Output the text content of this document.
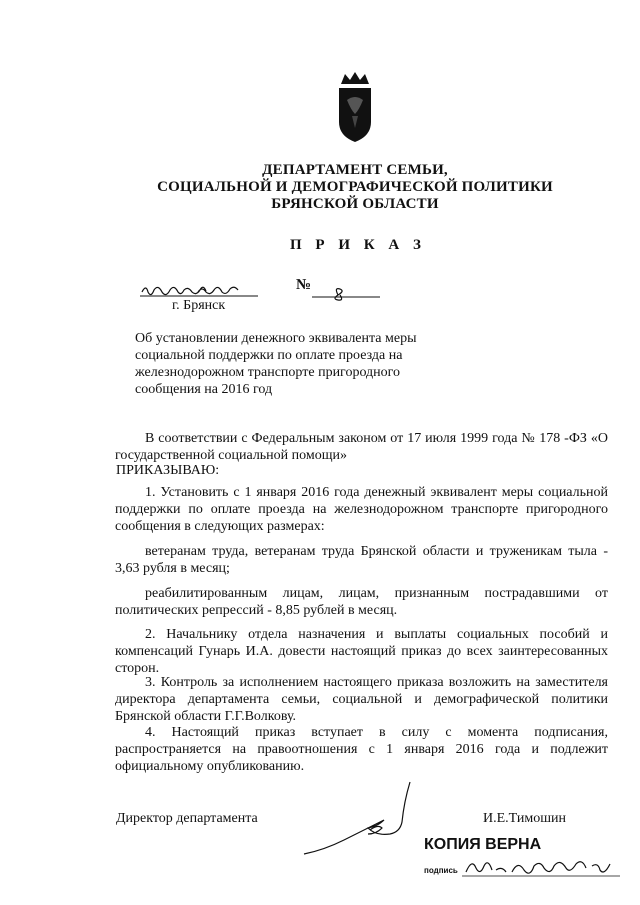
ДЕПАРТАМЕНТ СЕМЬИ,
СОЦИАЛЬНОЙ И ДЕМОГРАФИЧЕСКОЙ ПОЛИТИКИ
БРЯНСКОЙ ОБЛАСТИ
П Р И К А З
№
г. Брянск
Об установлении денежного эквивалента меры социальной поддержки по оплате проезда на железнодорожном транспорте пригородного сообщения на 2016 год
В соответствии с Федеральным законом от 17 июля 1999 года № 178 -ФЗ «О государственной социальной помощи»
ПРИКАЗЫВАЮ:
1. Установить с 1 января 2016 года денежный эквивалент меры социальной поддержки по оплате проезда на железнодорожном транспорте пригородного сообщения в следующих размерах:
ветеранам труда, ветеранам труда Брянской области и труженикам тыла - 3,63 рубля в месяц;
реабилитированным лицам, лицам, признанным пострадавшими от политических репрессий - 8,85 рублей в месяц.
2. Начальнику отдела назначения и выплаты социальных пособий и компенсаций Гунарь И.А. довести настоящий приказ до всех заинтересованных сторон.
3. Контроль за исполнением настоящего приказа возложить на заместителя директора департамента семьи, социальной и демографической политики Брянской области Г.Г.Волкову.
4. Настоящий приказ вступает в силу с момента подписания, распространяется на правоотношения с 1 января 2016 года и подлежит официальному опубликованию.
Директор департамента	И.Е.Тимошин
КОПИЯ ВЕРНА
подпись
